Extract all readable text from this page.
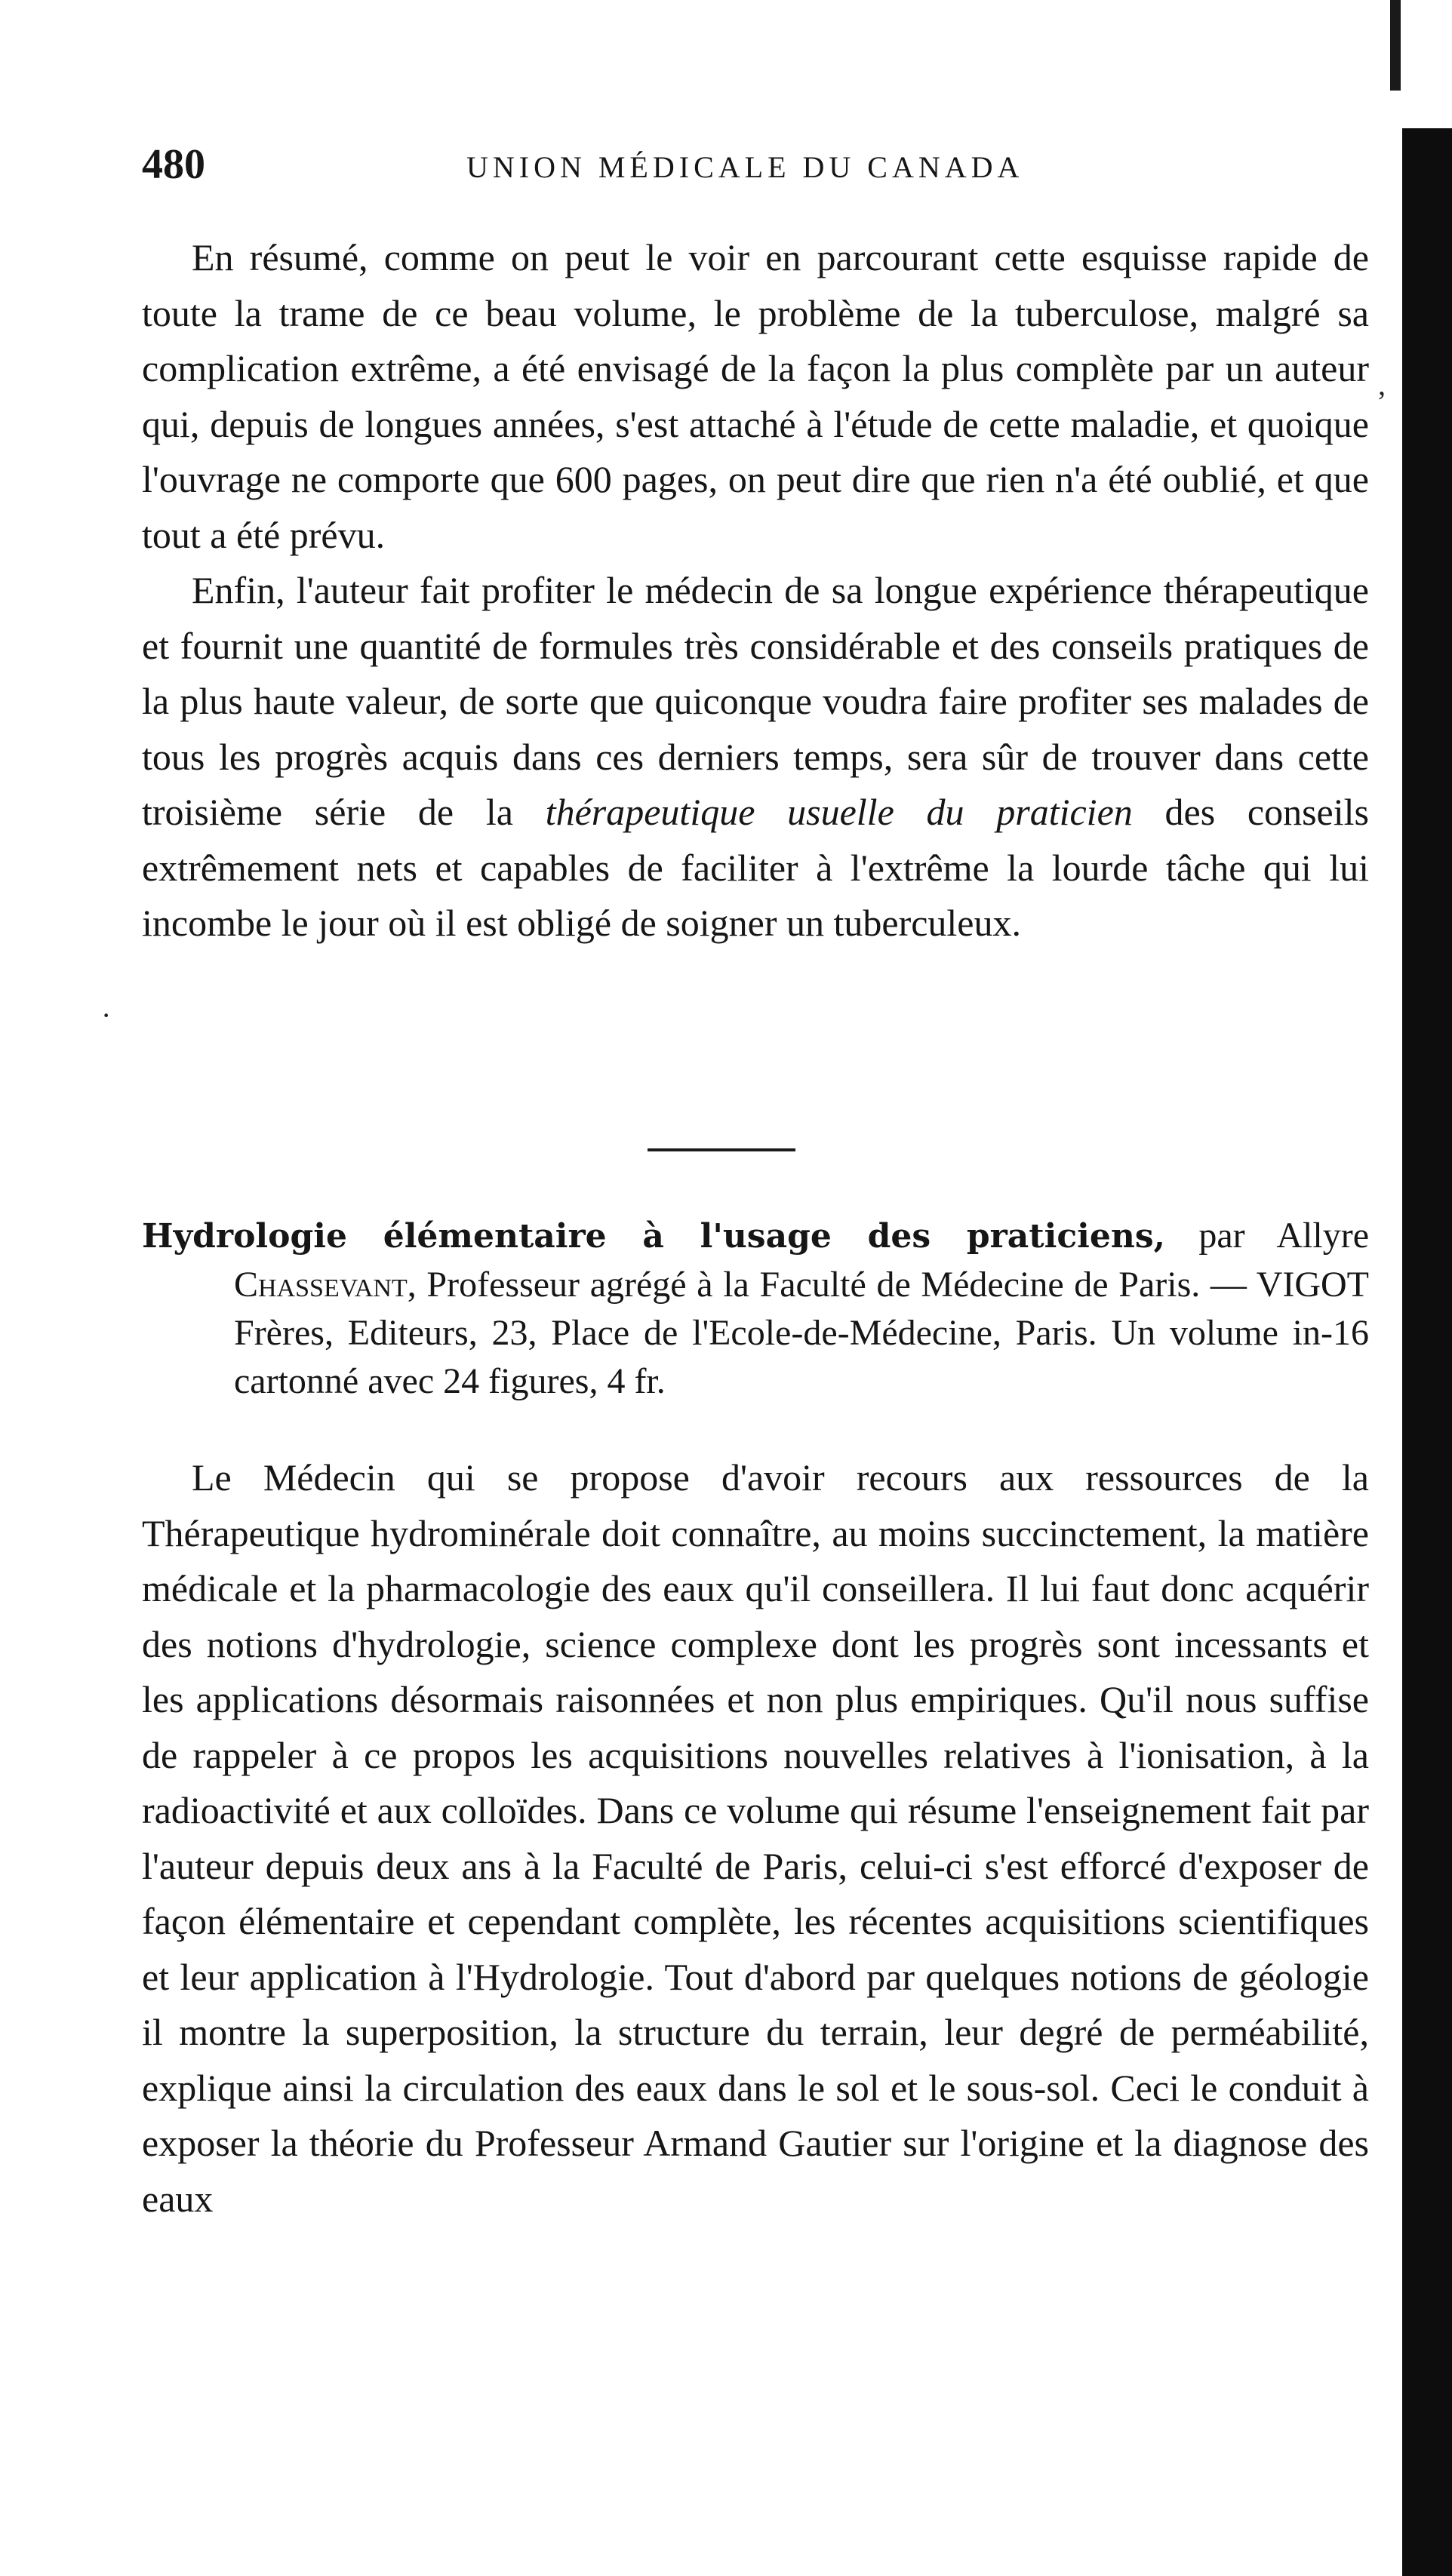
480	UNION MÉDICALE DU CANADA

En résumé, comme on peut le voir en parcourant cette esquisse rapide de toute la trame de ce beau volume, le problème de la tuberculose, malgré sa complication extrême, a été envisagé de la façon la plus complète par un auteur qui, depuis de longues années, s'est attaché à l'étude de cette maladie, et quoique l'ouvrage ne comporte que 600 pages, on peut dire que rien n'a été oublié, et que tout a été prévu.

Enfin, l'auteur fait profiter le médecin de sa longue expérience thérapeutique et fournit une quantité de formules très considérable et des conseils pratiques de la plus haute valeur, de sorte que quiconque voudra faire profiter ses malades de tous les progrès acquis dans ces derniers temps, sera sûr de trouver dans cette troisième série de la thérapeutique usuelle du praticien des conseils extrêmement nets et capables de faciliter à l'extrême la lourde tâche qui lui incombe le jour où il est obligé de soigner un tuberculeux.

·
,
Hydrologie élémentaire à l'usage des praticiens, par Allyre Chassevant, Professeur agrégé à la Faculté de Médecine de Paris. — VIGOT Frères, Editeurs, 23, Place de l'Ecole-de-Médecine, Paris. Un volume in-16 cartonné avec 24 figures, 4 fr.

Le Médecin qui se propose d'avoir recours aux ressources de la Thérapeutique hydrominérale doit connaître, au moins succinctement, la matière médicale et la pharmacologie des eaux qu'il conseillera. Il lui faut donc acquérir des notions d'hydrologie, science complexe dont les progrès sont incessants et les applications désormais raisonnées et non plus empiriques. Qu'il nous suffise de rappeler à ce propos les acquisitions nouvelles relatives à l'ionisation, à la radioactivité et aux colloïdes. Dans ce volume qui résume l'enseignement fait par l'auteur depuis deux ans à la Faculté de Paris, celui-ci s'est efforcé d'exposer de façon élémentaire et cependant complète, les récentes acquisitions scientifiques et leur application à l'Hydrologie. Tout d'abord par quelques notions de géologie il montre la superposition, la structure du terrain, leur degré de perméabilité, explique ainsi la circulation des eaux dans le sol et le sous-sol. Ceci le conduit à exposer la théorie du Professeur Armand Gautier sur l'origine et la diagnose des eaux
